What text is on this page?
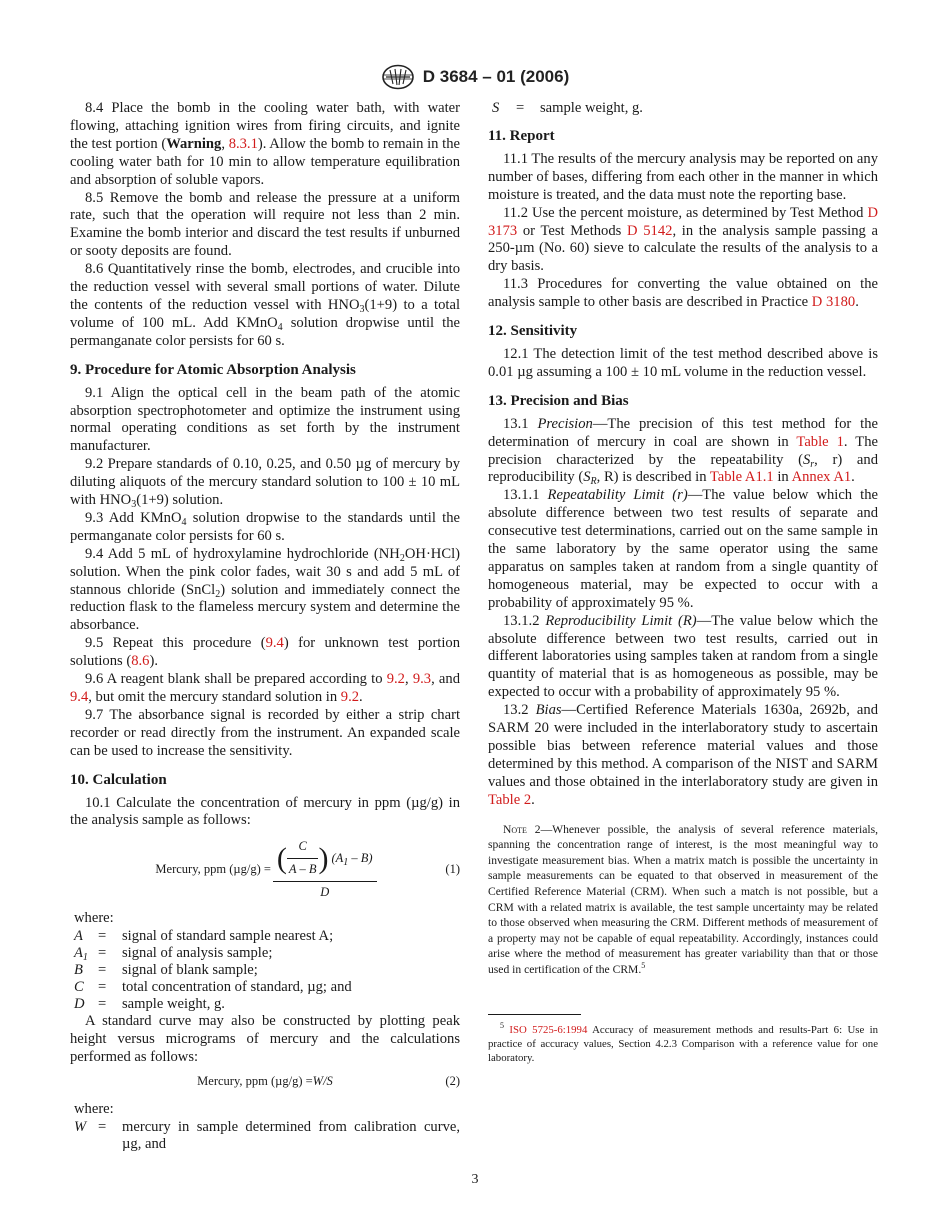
D 3684 – 01 (2006)

8.4 Place the bomb in the cooling water bath, with water flowing, attaching ignition wires from firing circuits, and ignite the test portion (Warning, 8.3.1). Allow the bomb to remain in the cooling water bath for 10 min to allow temperature equilibration and absorption of soluble vapors.

8.5 Remove the bomb and release the pressure at a uniform rate, such that the operation will require not less than 2 min. Examine the bomb interior and discard the test results if unburned or sooty deposits are found.

8.6 Quantitatively rinse the bomb, electrodes, and crucible into the reduction vessel with several small portions of water. Dilute the contents of the reduction vessel with $HNO_3(1+9)$ to a total volume of 100 mL. Add KMnO$_4$ solution dropwise until the permanganate color persists for 60 s.

9. Procedure for Atomic Absorption Analysis

9.1 Align the optical cell in the beam path of the atomic absorption spectrophotometer and optimize the instrument using normal operating conditions as set forth by the instrument manufacturer.

9.2 Prepare standards of 0.10, 0.25, and 0.50 µg of mercury by diluting aliquots of the mercury standard solution to 100 ± 10 mL with $HNO_3(1+9)$ solution.

9.3 Add KMnO$_4$ solution dropwise to the standards until the permanganate color persists for 60 s.

9.4 Add 5 mL of hydroxylamine hydrochloride $(NH_2OH\cdot HCl)$ solution. When the pink color fades, wait 30 s and add 5 mL of stannous chloride (SnCl$_2$) solution and immediately connect the reduction flask to the flameless mercury system and determine the absorbance.

9.5 Repeat this procedure (9.4) for unknown test portion solutions (8.6).

9.6 A reagent blank shall be prepared according to 9.2, 9.3, and 9.4, but omit the mercury standard solution in 9.2.

9.7 The absorbance signal is recorded by either a strip chart recorder or read directly from the instrument. An expanded scale can be used to increase the sensitivity.

10. Calculation

10.1 Calculate the concentration of mercury in ppm (µg/g) in the analysis sample as follows:

Mercury, ppm $(\mu g/g) = \frac{( \frac{C}{A - B} ) (A_1 - B)}{D}$	(1)
where:
A	=	signal of standard sample nearest A;
$A_1$ =	signal of analysis sample;
B	=	signal of blank sample;
C =	total concentration of standard, µg; and
D =	sample weight, g.

A standard curve may also be constructed by plotting peak height versus micrograms of mercury and the calculations performed as follows:

Mercury, ppm (µg/g) = W/S	(2)
where:
W =	mercury in sample determined from calibration curve, µg, and
S	=	sample weight, g.
11. Report

11.1 The results of the mercury analysis may be reported on any number of bases, differing from each other in the manner in which moisture is treated, and the data must note the reporting base.

11.2 Use the percent moisture, as determined by Test Method D 3173 or Test Methods D 5142, in the analysis sample passing a 250-µm (No. 60) sieve to calculate the results of the analysis to a dry basis.

11.3 Procedures for converting the value obtained on the analysis sample to other basis are described in Practice D 3180.

12. Sensitivity

12.1 The detection limit of the test method described above is 0.01 µg assuming a 100 ± 10 mL volume in the reduction vessel.

13. Precision and Bias

13.1 Precision—The precision of this test method for the determination of mercury in coal are shown in Table 1. The precision characterized by the repeatability ($S_r$, r) and reproducibility ($S_R$, R) is described in Table A1.1 in Annex A1.

13.1.1 Repeatability Limit (r)—The value below which the absolute difference between two test results of separate and consecutive test determinations, carried out on the same sample in the same laboratory by the same operator using the same apparatus on samples taken at random from a single quantity of homogeneous material, may be expected to occur with a probability of approximately 95 %.

13.1.2 Reproducibility Limit (R)—The value below which the absolute difference between two test results, carried out in different laboratories using samples taken at random from a single quantity of material that is as homogeneous as possible, may be expected to occur with a probability of approximately 95 %.

13.2 Bias—Certified Reference Materials 1630a, 2692b, and SARM 20 were included in the interlaboratory study to ascertain possible bias between reference material values and those determined by this method. A comparison of the NIST and SARM values and those obtained in the interlaboratory study are given in Table 2.

Note 2—Whenever possible, the analysis of several reference materials, spanning the concentration range of interest, is the most meaningful way to investigate measurement bias. When a matrix match is possible the uncertainty in sample measurements can be equated to that observed in measurement of the Certified Reference Material (CRM). When such a match is not possible, but a CRM with a related matrix is available, the test sample uncertainty may be related to those observed when measuring the CRM. Different methods of measurement of a property may not be capable of equal repeatability. Accordingly, instances could arise where the method of measurement has greater variability than that or those used in certification of the CRM.$^5$
$^5$ ISO 5725-6:1994 Accuracy of measurement methods and results-Part 6: Use in practice of accuracy values, Section 4.2.3 Comparison with a reference value for one laboratory.
3
